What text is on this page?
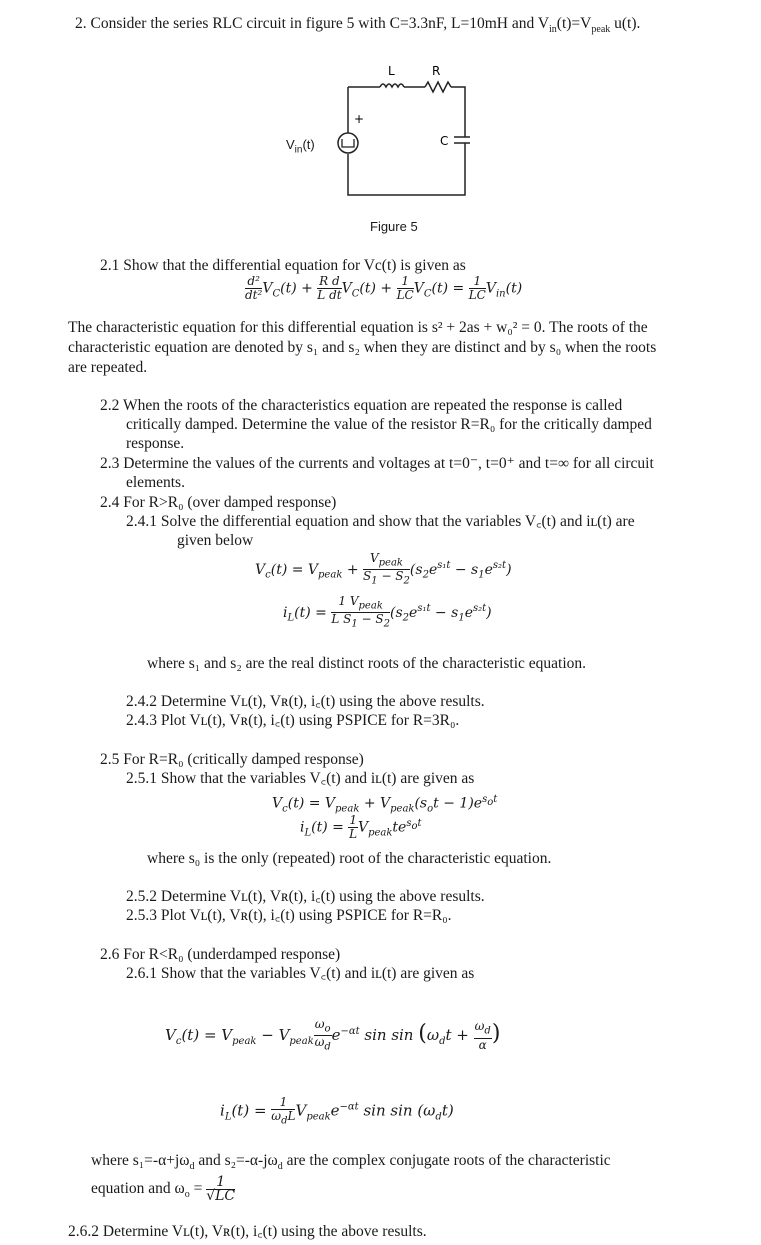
2. Consider the series RLC circuit in figure 5 with C=3.3nF, L=10mH and $V_{in}(t)=V_{peak}$ u(t).
+
L	R
C
$V_{in}(t)$
Figure 5
2.1 Show that the differential equation for Vc(t) is given as
$\frac{\text{d²}}{\text{dt²}} V_C(t) + \frac{\text{R d}}{\text{L dt}} V_C(t) + \frac{1}{LC} V_C(t) = \frac{1}{LC} V_{in}(t)$
The characteristic equation for this differential equation is s² + 2as + w₀² = 0. The roots of the
characteristic equation are denoted by s₁ and s₂ when they are distinct and by s₀ when the roots
are repeated.
2.2 When the roots of the characteristics equation are repeated the response is called
critically damped. Determine the value of the resistor R=R₀ for the critically damped
response.
2.3 Determine the values of the currents and voltages at t=0⁻, t=0⁺ and t=∞ for all circuit
elements.
2.4 For R>R₀ (over damped response)
2.4.1 Solve the differential equation and show that the variables V꜀(t) and iʟ(t) are
given below
$V_c(t) = V_{peak} + \frac{V_{peak}}{S_1 - S_2} (s_2e^{s_1t} - s_1e^{s_2t})$
$i_L(t) = \frac{1 V_{peak}}{L S_1 - S_2} (s_2e^{s_1t} - s_1e^{s_2t})$
where s₁ and s₂ are the real distinct roots of the characteristic equation.
2.4.2 Determine Vʟ(t), Vʀ(t), i꜀(t) using the above results.
2.4.3 Plot Vʟ(t), Vʀ(t), i꜀(t) using PSPICE for R=3R₀.
2.5 For R=R₀ (critically damped response)
2.5.1 Show that the variables V꜀(t) and iʟ(t) are given as
$V_c(t) = V_{peak} + V_{peak}(s_ot - 1)e^{s_ot}$
$i_L(t) = \frac{1}{L} V_{peak}te^{s_ot}$
where s₀ is the only (repeated) root of the characteristic equation.
2.5.2 Determine Vʟ(t), Vʀ(t), i꜀(t) using the above results.
2.5.3 Plot Vʟ(t), Vʀ(t), i꜀(t) using PSPICE for R=R₀.
2.6 For R<R₀ (underdamped response)
2.6.1 Show that the variables V꜀(t) and iʟ(t) are given as
$V_c(t) = V_{peak} - V_{peak} \frac{\omega_o}{\omega_d} e^{-\alpha t}$ $\sin \sin (\omega_dt + \frac{\omega_d}{\alpha}$ )
$i_L(t) = \frac{1}{\omega_dL} V_{peak}e^{-\alpha t}$ $\sin \sin (\omega_dt)$
where $s_1=-\alpha+j\omega_d$ and $s_2=-\alpha-j\omega_d$ are the complex conjugate roots of the characteristic
equation and $\omega_o = \frac{1}{√LC}$
2.6.2 Determine Vʟ(t), Vʀ(t), i꜀(t) using the above results.
